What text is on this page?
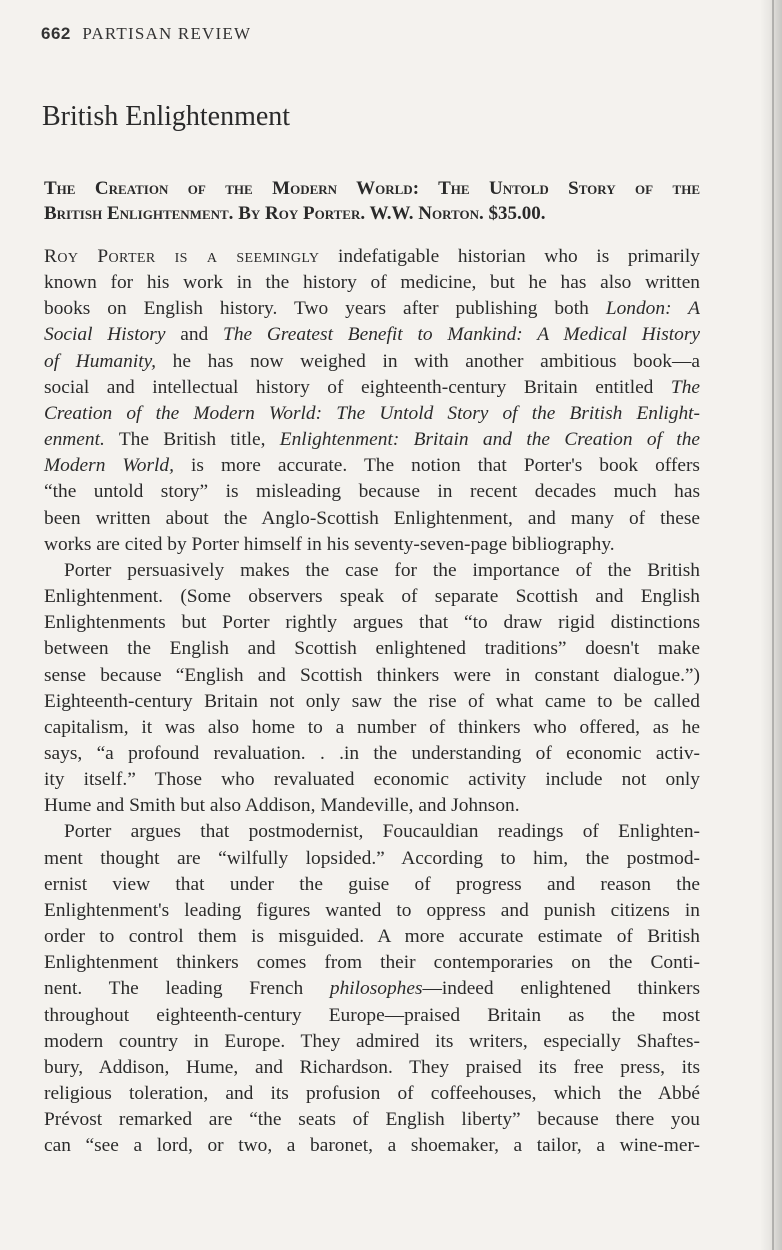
662 PARTISAN REVIEW
British Enlightenment
The Creation of the Modern World: The Untold Story of the
British Enlightenment. By Roy Porter. W.W. Norton. $35.00.

Roy Porter is a seemingly indefatigable historian who is primarily
known for his work in the history of medicine, but he has also written
books on English history. Two years after publishing both London: A
Social History and The Greatest Benefit to Mankind: A Medical History
of Humanity, he has now weighed in with another ambitious book—a
social and intellectual history of eighteenth-century Britain entitled The
Creation of the Modern World: The Untold Story of the British Enlight-
enment. The British title, Enlightenment: Britain and the Creation of the
Modern World, is more accurate. The notion that Porter's book offers
“the untold story” is misleading because in recent decades much has
been written about the Anglo-Scottish Enlightenment, and many of these
works are cited by Porter himself in his seventy-seven-page bibliography.

Porter persuasively makes the case for the importance of the British
Enlightenment. (Some observers speak of separate Scottish and English
Enlightenments but Porter rightly argues that “to draw rigid distinctions
between the English and Scottish enlightened traditions” doesn't make
sense because “English and Scottish thinkers were in constant dialogue.”)
Eighteenth-century Britain not only saw the rise of what came to be called
capitalism, it was also home to a number of thinkers who offered, as he
says, “a profound revaluation. . .in the understanding of economic activ-
ity itself.” Those who revaluated economic activity include not only
Hume and Smith but also Addison, Mandeville, and Johnson.

Porter argues that postmodernist, Foucauldian readings of Enlighten-
ment thought are “wilfully lopsided.” According to him, the postmod-
ernist view that under the guise of progress and reason the
Enlightenment's leading figures wanted to oppress and punish citizens in
order to control them is misguided. A more accurate estimate of British
Enlightenment thinkers comes from their contemporaries on the Conti-
nent. The leading French philosophes—indeed enlightened thinkers
throughout eighteenth-century Europe—praised Britain as the most
modern country in Europe. They admired its writers, especially Shaftes-
bury, Addison, Hume, and Richardson. They praised its free press, its
religious toleration, and its profusion of coffeehouses, which the Abbé
Prévost remarked are “the seats of English liberty” because there you
can “see a lord, or two, a baronet, a shoemaker, a tailor, a wine-mer-
